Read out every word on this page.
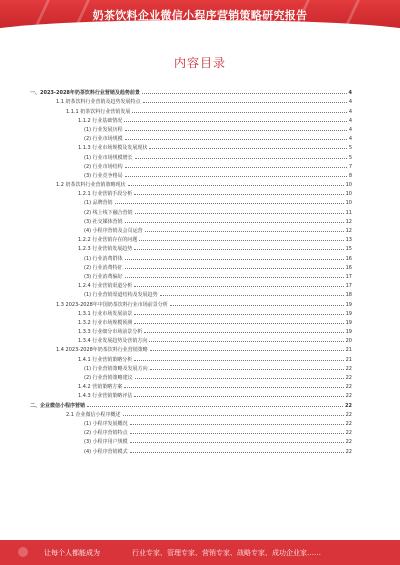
奶茶饮料企业微信小程序营销策略研究报告
内容目录
一、2023-2028年奶茶饮料行业营销及趋势前景	4
1.1 奶茶饮料行业营销及趋势发展特点	4
1.1.1 奶茶饮料行业营销发展	4
1.1.2 行业基础情况	4
(1) 行业发展历程	4
(2) 行业市场规模	4
1.1.3 行业市场规模及发展现状	5
(1) 行业市场规模增长	5
(2) 行业市场结构	7
(3) 行业竞争格局	8
1.2 奶茶饮料行业营销策略现状	10
1.2.1 行业营销手段分析	10
(1) 品牌营销	10
(2) 线上线下融合营销	11
(3) 社交媒体营销	12
(4) 小程序营销及会员运营	12
1.2.2 行业营销存在的问题	13
1.2.3 行业营销发展趋势	15
(1) 行业消费群体	16
(2) 行业消费特征	16
(3) 行业消费偏好	17
1.2.4 行业营销渠道分析	17
(1) 行业营销渠道结构及发展趋势	18
1.3 2023-2028年中国奶茶饮料行业市场前景分析	19
1.3.1 行业市场发展前景	19
1.3.2 行业市场规模预测	19
1.3.3 行业细分市场前景分析	19
1.3.4 行业发展趋势及营销方向	20
1.4 2023-2028年奶茶饮料行业营销策略	21
1.4.1 行业营销策略分析	21
(1) 行业营销策略及发展方向	22
(2) 行业营销策略建议	22
1.4.2 营销策略方案	22
1.4.3 行业营销策略评估	22
二、企业微信小程序营销	22
2.1 企业微信小程序概述	22
(1) 小程序发展概况	22
(2) 小程序营销特点	22
(3) 小程序用户规模	22
(4) 小程序营销模式	22
让每个人都能成为	行业专家、管理专家、营销专家、战略专家、成功企业家……
